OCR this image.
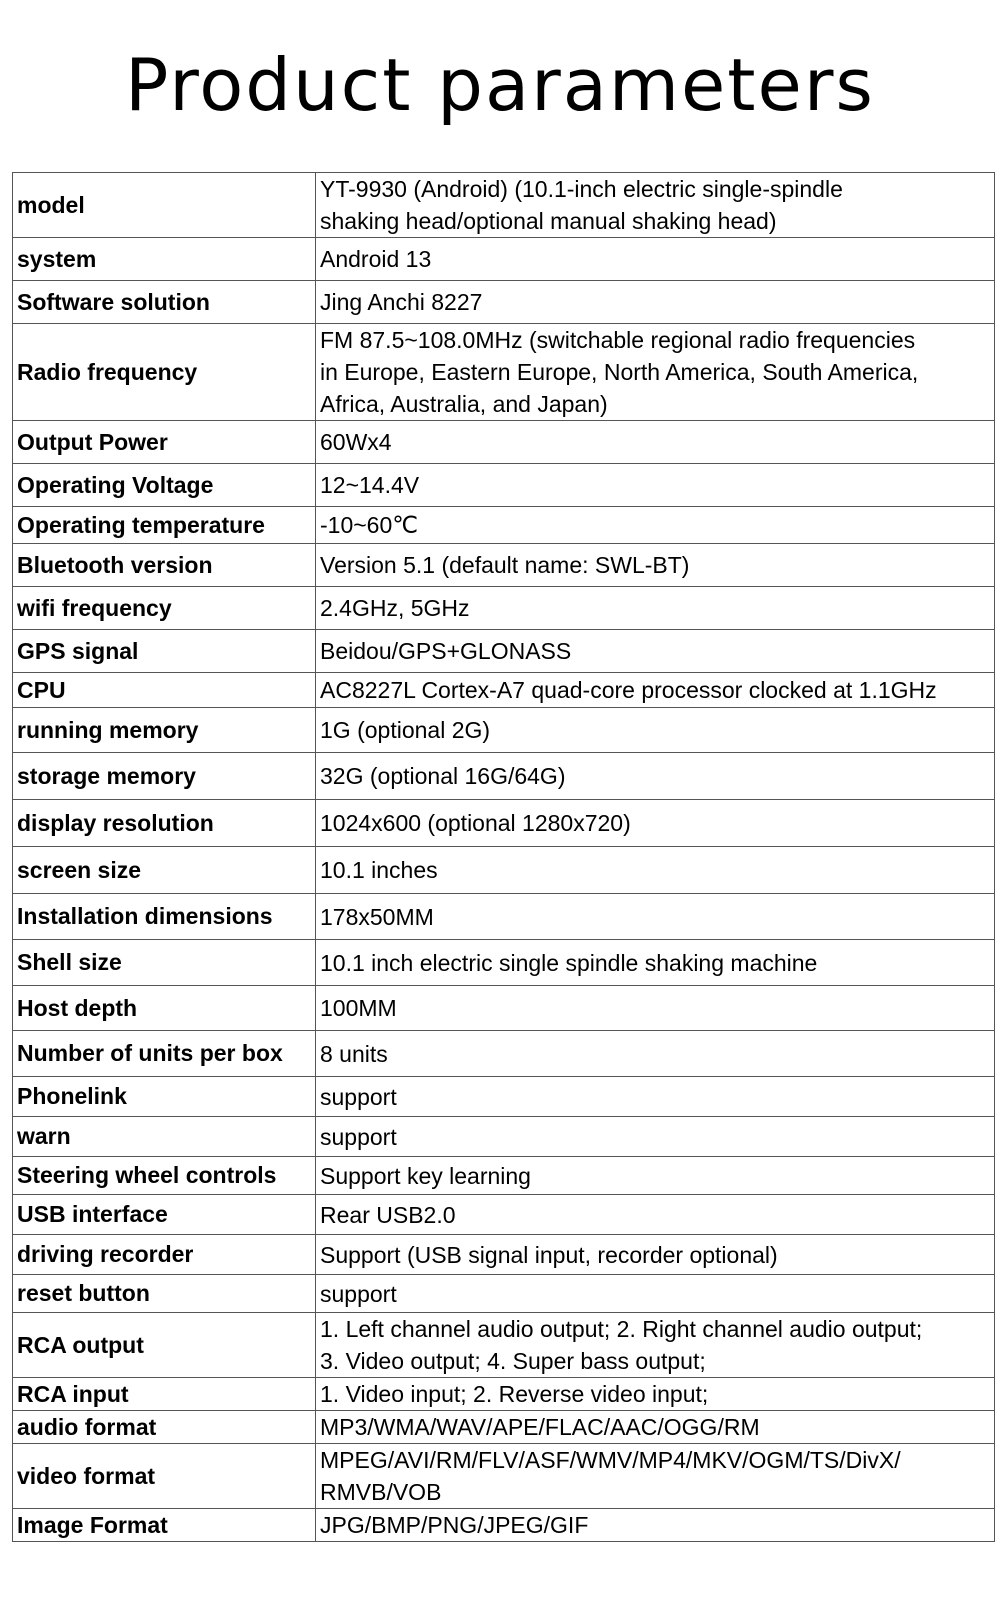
Product parameters
model	YT-9930 (Android) (10.1-inch electric single-spindle
shaking head/optional manual shaking head)
system	Android 13
Software solution	Jing Anchi 8227
Radio frequency	FM 87.5~108.0MHz (switchable regional radio frequencies
in Europe, Eastern Europe, North America, South America,
Africa, Australia, and Japan)
Output Power	60Wx4
Operating Voltage	12~14.4V
Operating temperature	-10~60℃
Bluetooth version	Version 5.1 (default name: SWL-BT)
wifi frequency	2.4GHz, 5GHz
GPS signal	Beidou/GPS+GLONASS
CPU	AC8227L Cortex-A7 quad-core processor clocked at 1.1GHz
running memory	1G (optional 2G)
storage memory	32G (optional 16G/64G)
display resolution	1024x600 (optional 1280x720)
screen size	10.1 inches
Installation dimensions	178x50MM
Shell size	10.1 inch electric single spindle shaking machine
Host depth	100MM
Number of units per box	8 units
Phonelink	support
warn	support
Steering wheel controls	Support key learning
USB interface	Rear USB2.0
driving recorder	Support (USB signal input, recorder optional)
reset button	support
RCA output	1. Left channel audio output; 2. Right channel audio output;
3. Video output; 4. Super bass output;
RCA input	1. Video input; 2. Reverse video input;
audio format	MP3/WMA/WAV/APE/FLAC/AAC/OGG/RM
video format	MPEG/AVI/RM/FLV/ASF/WMV/MP4/MKV/OGM/TS/DivX/
RMVB/VOB
Image Format	JPG/BMP/PNG/JPEG/GIF
